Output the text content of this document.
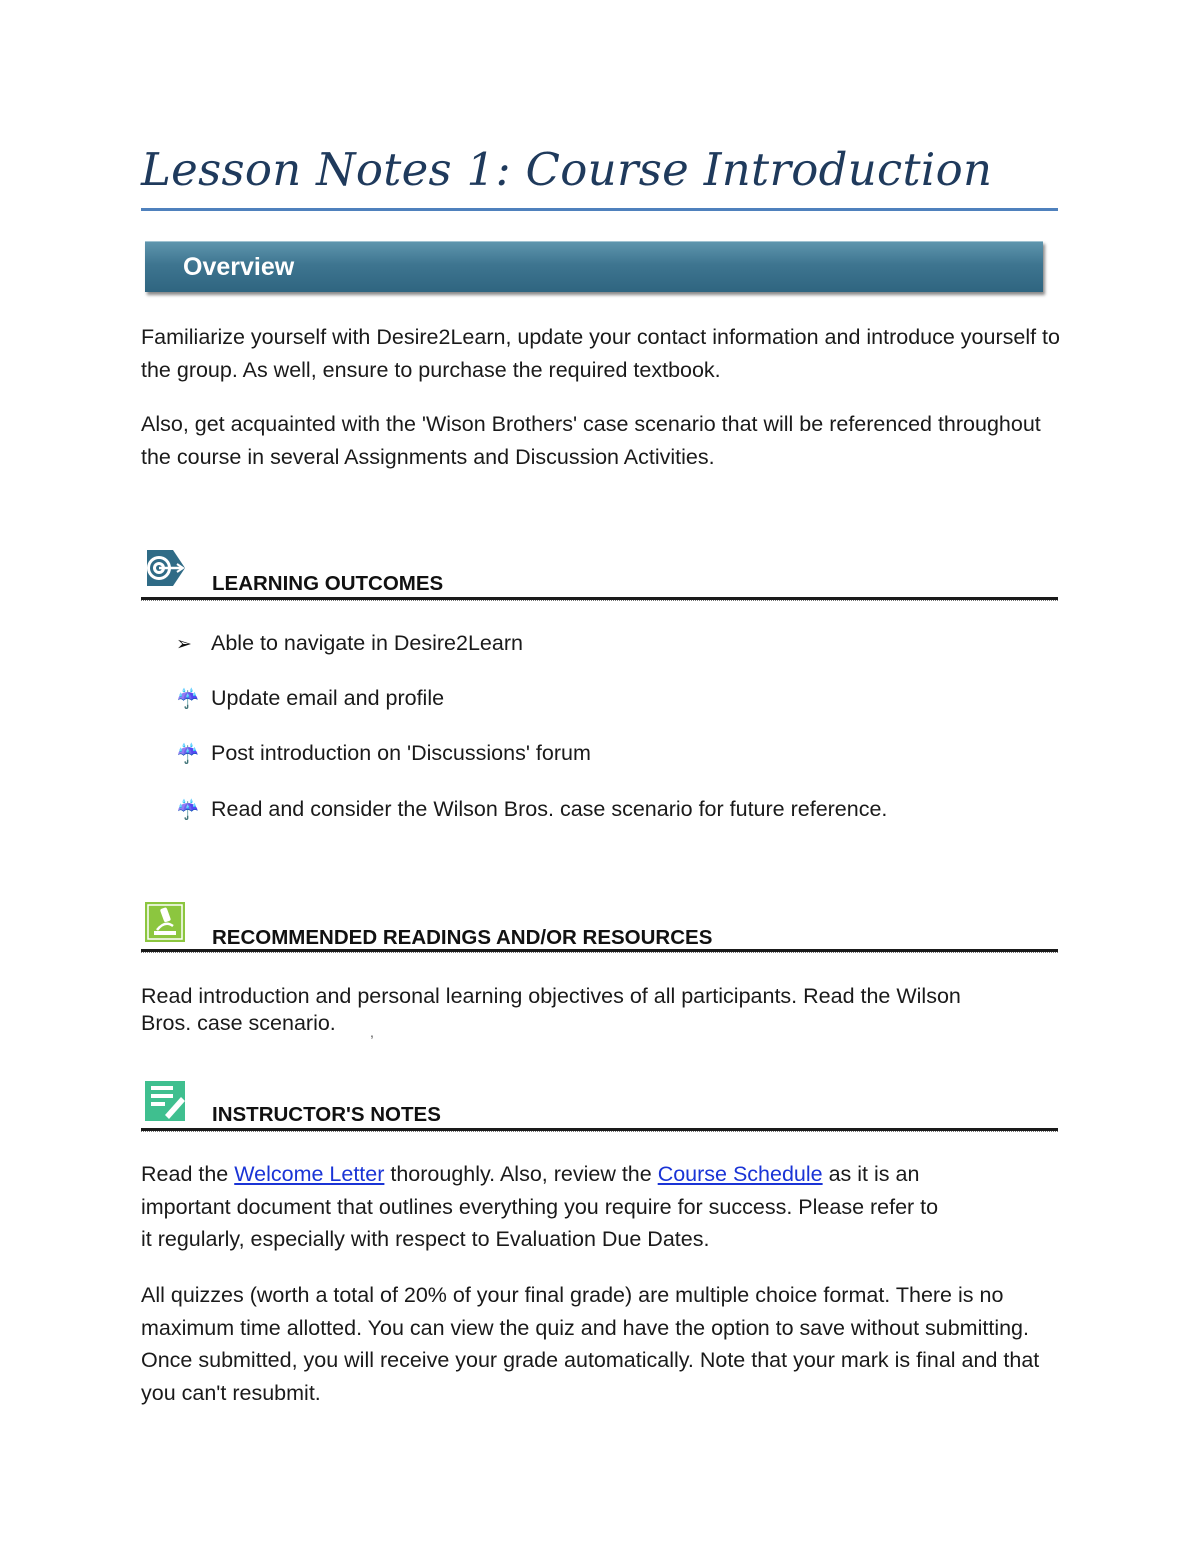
Lesson Notes 1: Course Introduction
Overview

Familiarize yourself with Desire2Learn, update your contact information and introduce yourself to the group. As well, ensure to purchase the required textbook.

Also, get acquainted with the 'Wison Brothers' case scenario that will be referenced throughout the course in several Assignments and Discussion Activities.

LEARNING OUTCOMES
➢ Able to navigate in Desire2Learn
☔ Update email and profile
☔ Post introduction on 'Discussions' forum
☔ Read and consider the Wilson Bros. case scenario for future reference.
RECOMMENDED READINGS AND/OR RESOURCES

Read introduction and personal learning objectives of all participants. Read the Wilson
Bros. case scenario.	,
INSTRUCTOR'S NOTES

Read the Welcome Letter thoroughly. Also, review the Course Schedule as it is an
important document that outlines everything you require for success. Please refer to
it regularly, especially with respect to Evaluation Due Dates.

All quizzes (worth a total of 20% of your final grade) are multiple choice format. There is no maximum time allotted. You can view the quiz and have the option to save without submitting. Once submitted, you will receive your grade automatically. Note that your mark is final and that you can't resubmit.
